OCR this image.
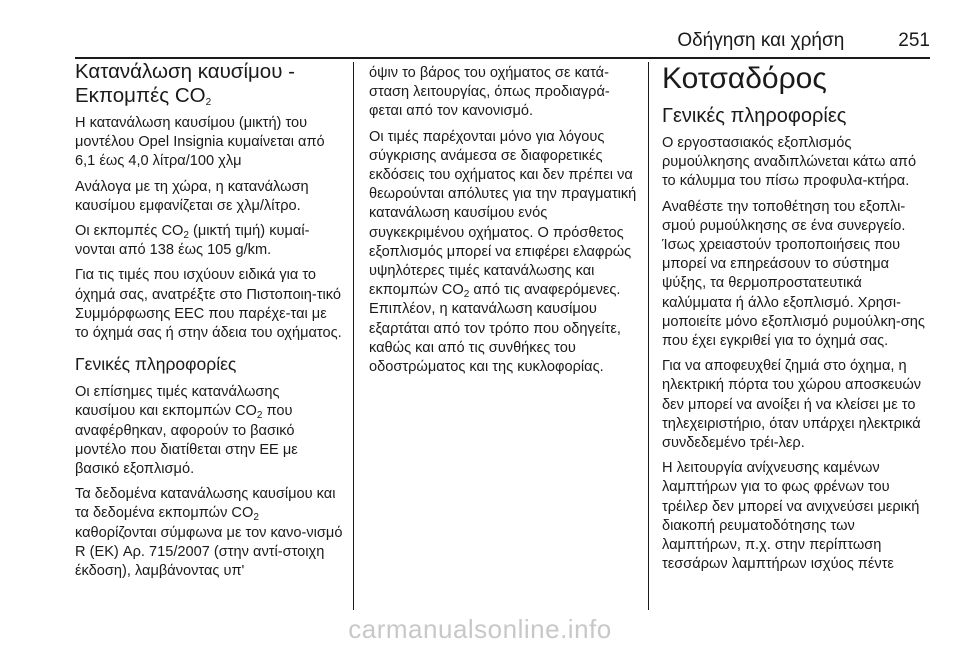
Οδήγηση και χρήση	251
Κατανάλωση καυσίμου -
Εκπομπές $CO_2$

Η κατανάλωση καυσίμου (μικτή) του μοντέλου Opel Insignia κυμαίνεται από 6,1 έως 4,0 λίτρα/100 χλμ

Ανάλογα με τη χώρα, η κατανάλωση καυσίμου εμφανίζεται σε χλμ/λίτρο.

Οι εκπομπές $CO_2$ (μικτή τιμή) κυμαί-νονται από 138 έως 105 g/km.

Για τις τιμές που ισχύουν ειδικά για το όχημά σας, ανατρέξτε στο Πιστοποιη-τικό Συμμόρφωσης EEC που παρέχε-ται με το όχημά σας ή στην άδεια του οχήματος.

Γενικές πληροφορίες

Οι επίσημες τιμές κατανάλωσης καυσίμου και εκπομπών $CO_2$ που αναφέρθηκαν, αφορούν το βασικό μοντέλο που διατίθεται στην ΕΕ με βασικό εξοπλισμό.

Τα δεδομένα κατανάλωσης καυσίμου και τα δεδομένα εκπομπών $CO_2$ καθορίζονται σύμφωνα με τον κανο-νισμό R (ΕΚ) Αρ. 715/2007 (στην αντί-στοιχη έκδοση), λαμβάνοντας υπ'

όψιν το βάρος του οχήματος σε κατά-σταση λειτουργίας, όπως προδιαγρά-φεται από τον κανονισμό.

Οι τιμές παρέχονται μόνο για λόγους σύγκρισης ανάμεσα σε διαφορετικές εκδόσεις του οχήματος και δεν πρέπει να θεωρούνται απόλυτες για την πραγματική κατανάλωση καυσίμου ενός συγκεκριμένου οχήματος. Ο πρόσθετος εξοπλισμός μπορεί να επιφέρει ελαφρώς υψηλότερες τιμές κατανάλωσης και εκπομπών $CO_2$ από τις αναφερόμενες. Επιπλέον, η κατανάλωση καυσίμου εξαρτάται από τον τρόπο που οδηγείτε, καθώς και από τις συνθήκες του οδοστρώματος και της κυκλοφορίας.

Κοτσαδόρος
Γενικές πληροφορίες

Ο εργοστασιακός εξοπλισμός ρυμούλκησης αναδιπλώνεται κάτω από το κάλυμμα του πίσω προφυλα-κτήρα.

Αναθέστε την τοποθέτηση του εξοπλι-σμού ρυμούλκησης σε ένα συνεργείο. Ίσως χρειαστούν τροποποιήσεις που μπορεί να επηρεάσουν το σύστημα ψύξης, τα θερμοπροστατευτικά καλύμματα ή άλλο εξοπλισμό. Χρησι-μοποιείτε μόνο εξοπλισμό ρυμούλκη-σης που έχει εγκριθεί για το όχημά σας.

Για να αποφευχθεί ζημιά στο όχημα, η ηλεκτρική πόρτα του χώρου αποσκευών δεν μπορεί να ανοίξει ή να κλείσει με το τηλεχειριστήριο, όταν υπάρχει ηλεκτρικά συνδεδεμένο τρέι-λερ.

Η λειτουργία ανίχνευσης καμένων λαμπτήρων για το φως φρένων του τρέιλερ δεν μπορεί να ανιχνεύσει μερική διακοπή ρευματοδότησης των λαμπτήρων, π.χ. στην περίπτωση τεσσάρων λαμπτήρων ισχύος πέντε

carmanualsonline.info
